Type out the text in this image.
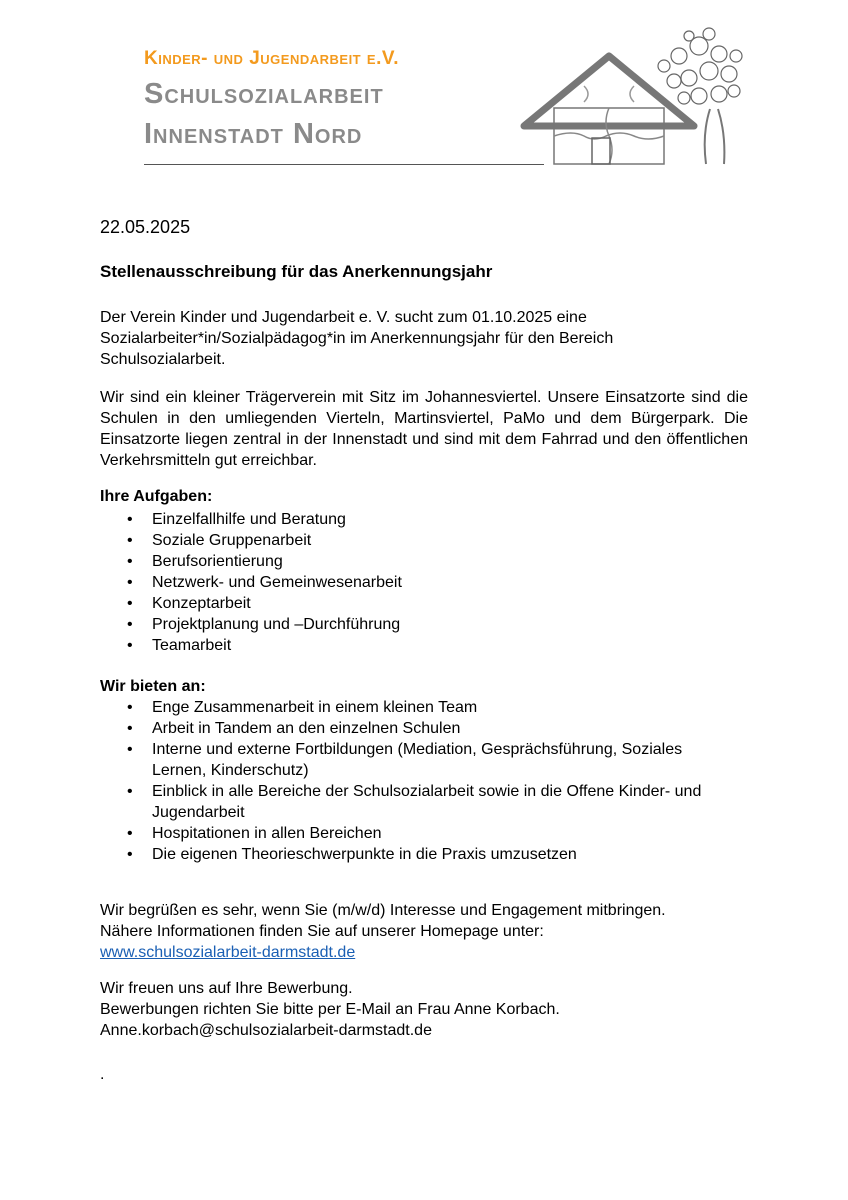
Kinder- und Jugendarbeit e.V.
Schulsozialarbeit
Innenstadt Nord
22.05.2025
Stellenausschreibung für das Anerkennungsjahr
Der Verein Kinder und Jugendarbeit e. V. sucht zum 01.10.2025 eine
Sozialarbeiter*in/Sozialpädagog*in im Anerkennungsjahr für den Bereich
Schulsozialarbeit.
Wir sind ein kleiner Trägerverein mit Sitz im Johannesviertel. Unsere Einsatzorte sind die Schulen in den umliegenden Vierteln, Martinsviertel, PaMo und dem Bürgerpark. Die Einsatzorte liegen zentral in der Innenstadt und sind mit dem Fahrrad und den öffentlichen Verkehrsmitteln gut erreichbar.
Ihre Aufgaben:
• Einzelfallhilfe und Beratung
• Soziale Gruppenarbeit
• Berufsorientierung
• Netzwerk- und Gemeinwesenarbeit
• Konzeptarbeit
• Projektplanung und –Durchführung
• Teamarbeit
Wir bieten an:
• Enge Zusammenarbeit in einem kleinen Team
• Arbeit in Tandem an den einzelnen Schulen
• Interne und externe Fortbildungen (Mediation, Gesprächsführung, Soziales Lernen, Kinderschutz)
• Einblick in alle Bereiche der Schulsozialarbeit sowie in die Offene Kinder- und Jugendarbeit
• Hospitationen in allen Bereichen
• Die eigenen Theorieschwerpunkte in die Praxis umzusetzen
Wir begrüßen es sehr, wenn Sie (m/w/d) Interesse und Engagement mitbringen.
Nähere Informationen finden Sie auf unserer Homepage unter:
www.schulsozialarbeit-darmstadt.de
Wir freuen uns auf Ihre Bewerbung.
Bewerbungen richten Sie bitte per E-Mail an Frau Anne Korbach.
Anne.korbach@schulsozialarbeit-darmstadt.de
.
